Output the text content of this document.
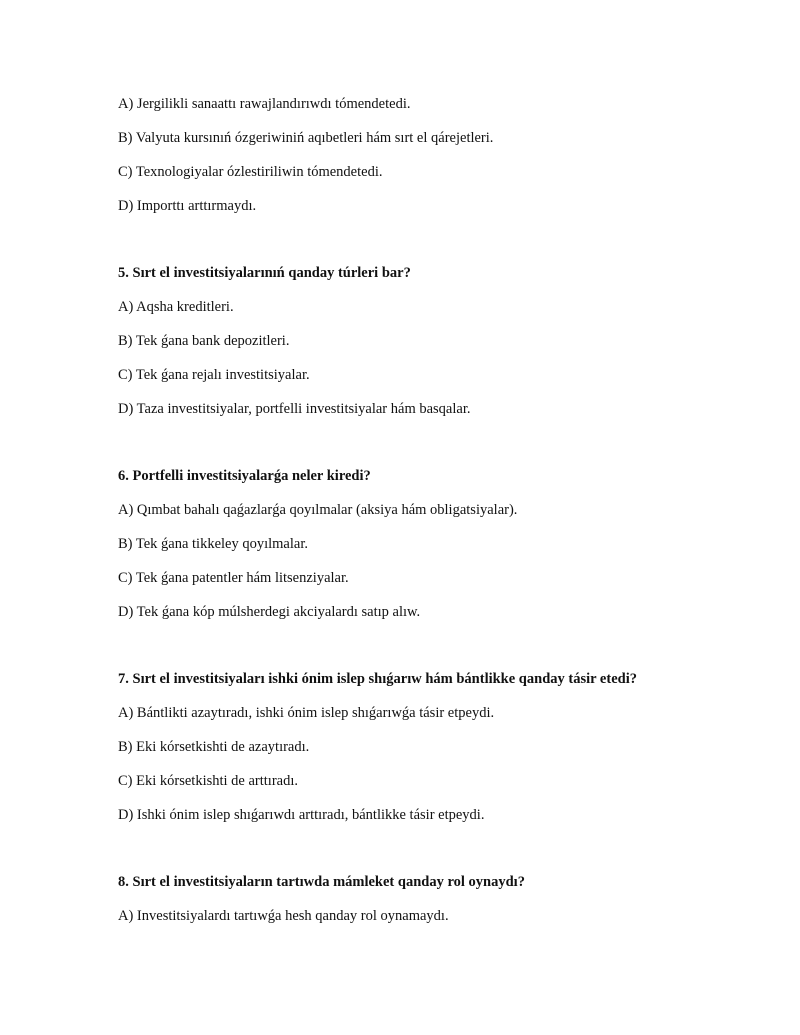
A) Jergilikli sanaattı rawajlandırıwdı tómendetedi.
B) Valyuta kursınıń ózgeriwiniń aqıbetleri hám sırt el qárejetleri.
C) Texnologiyalar ózlestiriliwin tómendetedi.
D) Importtı arttırmaydı.
5. Sırt el investitsiyalarınıń qanday túrleri bar?
A) Aqsha kreditleri.
B) Tek ǵana bank depozitleri.
C) Tek ǵana rejalı investitsiyalar.
D) Taza investitsiyalar, portfelli investitsiyalar hám basqalar.
6. Portfelli investitsiyalarǵa neler kiredi?
A) Qımbat bahalı qaǵazlarǵa qoyılmalar (aksiya hám obligatsiyalar).
B) Tek ǵana tikkeley qoyılmalar.
C) Tek ǵana patentler hám litsenziyalar.
D) Tek ǵana kóp múlsherdegi akciyalardı satıp alıw.
7. Sırt el investitsiyaları ishki ónim islep shıǵarıw hám bántlikke qanday tásir etedi?
A) Bántlikti azaytıradı, ishki ónim islep shıǵarıwǵa tásir etpeydi.
B) Eki kórsetkishti de azaytıradı.
C) Eki kórsetkishti de arttıradı.
D) Ishki ónim islep shıǵarıwdı arttıradı, bántlikke tásir etpeydi.
8. Sırt el investitsiyaların tartıwda mámleket qanday rol oynaydı?
A) Investitsiyalardı tartıwǵa hesh qanday rol oynamaydı.
